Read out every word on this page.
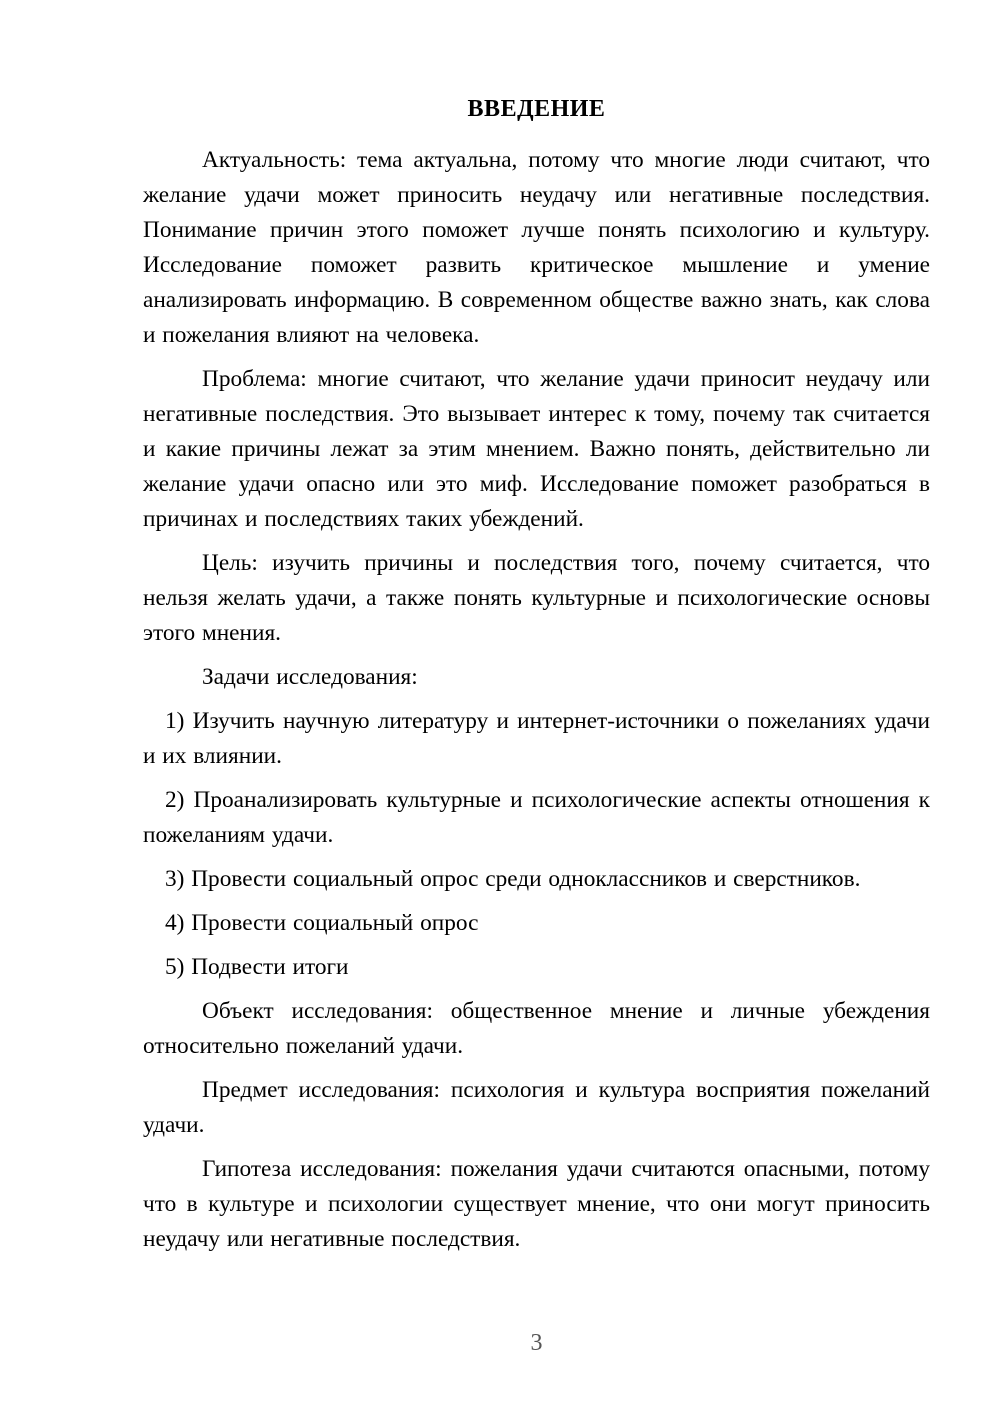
ВВЕДЕНИЕ

Актуальность: тема актуальна, потому что многие люди считают, что желание удачи может приносить неудачу или негативные последствия. Понимание причин этого поможет лучше понять психологию и культуру. Исследование поможет развить критическое мышление и умение анализировать информацию. В современном обществе важно знать, как слова и пожелания влияют на человека.

Проблема: многие считают, что желание удачи приносит неудачу или негативные последствия. Это вызывает интерес к тому, почему так считается и какие причины лежат за этим мнением. Важно понять, действительно ли желание удачи опасно или это миф. Исследование поможет разобраться в причинах и последствиях таких убеждений.

Цель: изучить причины и последствия того, почему считается, что нельзя желать удачи, а также понять культурные и психологические основы этого мнения.

Задачи исследования:

1) Изучить научную литературу и интернет-источники о пожеланиях удачи и их влиянии.

2) Проанализировать культурные и психологические аспекты отношения к пожеланиям удачи.

3) Провести социальный опрос среди одноклассников и сверстников.

4) Провести социальный опрос

5) Подвести итоги

Объект исследования: общественное мнение и личные убеждения относительно пожеланий удачи.

Предмет исследования: психология и культура восприятия пожеланий удачи.

Гипотеза исследования: пожелания удачи считаются опасными, потому что в культуре и психологии существует мнение, что они могут приносить неудачу или негативные последствия.

3
